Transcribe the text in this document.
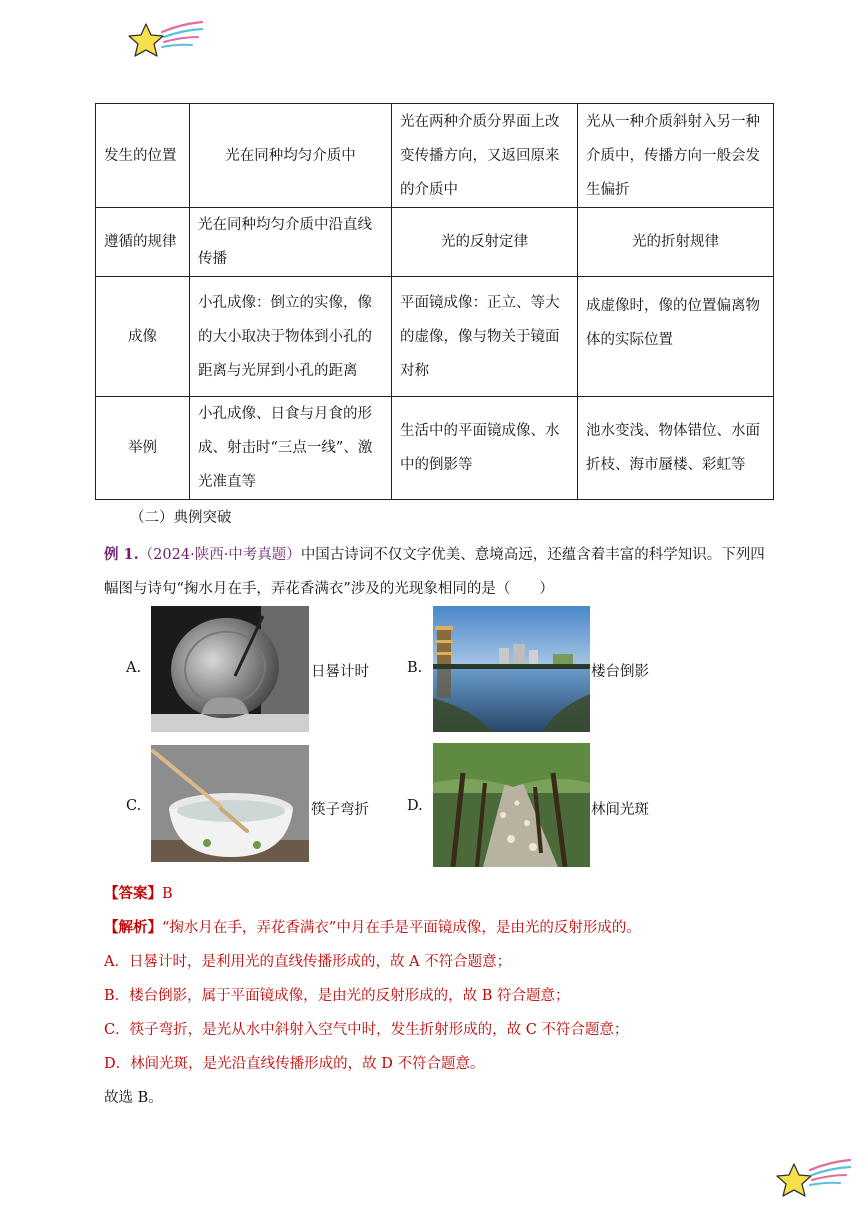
发生的位置	光在同种均匀介质中	光在两种介质分界面上改变传播方向，又返回原来的介质中	光从一种介质斜射入另一种介质中，传播方向一般会发生偏折
遵循的规律	光在同种均匀介质中沿直线传播	光的反射定律	光的折射规律
成像	小孔成像：倒立的实像，像的大小取决于物体到小孔的距离与光屏到小孔的距离	平面镜成像：正立、等大的虚像，像与物关于镜面对称	成虚像时，像的位置偏离物体的实际位置
举例	小孔成像、日食与月食的形成、射击时“三点一线”、激光准直等	生活中的平面镜成像、水中的倒影等	池水变浅、物体错位、水面折枝、海市蜃楼、彩虹等
（二）典例突破
例 1.（2024·陕西·中考真题）中国古诗词不仅文字优美、意境高远，还蕴含着丰富的科学知识。下列四幅图与诗句“掬水月在手，弄花香满衣”涉及的光现象相同的是（　　）
A.	日晷计时	B.	楼台倒影
C.	筷子弯折	D.	林间光斑
【答案】B
【解析】“掬水月在手，弄花香满衣”中月在手是平面镜成像，是由光的反射形成的。
A．日晷计时，是利用光的直线传播形成的，故 A 不符合题意；
B．楼台倒影，属于平面镜成像，是由光的反射形成的，故 B 符合题意；
C．筷子弯折，是光从水中斜射入空气中时，发生折射形成的，故 C 不符合题意；
D．林间光斑，是光沿直线传播形成的，故 D 不符合题意。
故选 B。
